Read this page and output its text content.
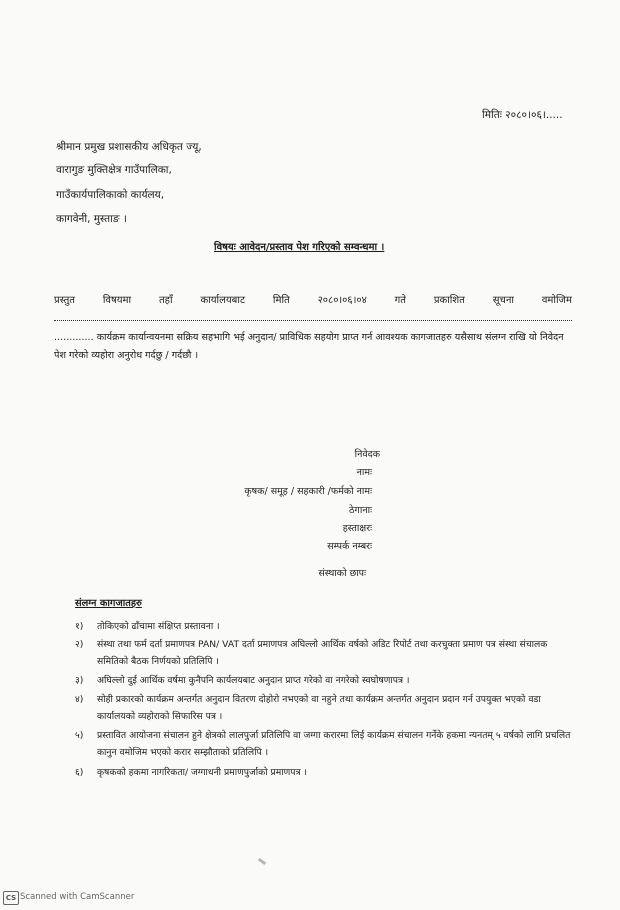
मितिः २०८०।०६।.....
श्रीमान प्रमुख प्रशासकीय अधिकृत ज्यू,
वारागुङ मुक्तिक्षेत्र गाउँपालिका,
गाउँकार्यपालिकाको कार्यलय,
कागवेनी, मुस्ताङ ।
विषयः आवेदन/प्रस्ताव पेश गरिएको सम्वन्धमा ।
प्रस्तुत	विषयमा	तहाँ	कार्यालयबाट	मिति	२०८०।०६।०४	गते	प्रकाशित	सूचना	वमोजिम
............. कार्यक्रम कार्यान्वयनमा सक्रिय सहभागि भई अनुदान/ प्राविधिक सहयोग प्राप्त गर्न आवश्यक कागजातहरु यसैसाथ संलग्न राखि यो निवेदन पेश गरेको व्यहोरा अनुरोध गर्दछु / गर्दछौ ।
निवेदक
नामः
कृषक/ समूह / सहकारी /फर्मको नामः
ठेगानाः
हस्ताक्षरः
सम्पर्क नम्बरः
संस्थाको छापः
संलग्न कागजातहरु
१)	तोकिएको ढाँचामा संक्षिप्त प्रस्तावना ।
२)	संस्था तथा फर्म दर्ता प्रमाणपत्र PAN/ VAT दर्ता प्रमाणपत्र अघिल्लो आर्थिक वर्षको अडिट रिपोर्ट तथा करचुक्ता प्रमाण पत्र संस्था संचालक समितिको बैठक निर्णयको प्रतिलिपि ।
३)	अघिल्लो दुई आर्थिक वर्षमा कुनैपनि कार्यलयबाट अनुदान प्राप्त गरेको वा नगरेको स्वघोषणापत्र ।
४)	सोही प्रकारको कार्यक्रम अन्तर्गत अनुदान वितरण दोहोरो नभएको वा नहुने तथा कार्यक्रम अन्तर्गत अनुदान प्रदान गर्न उपयुक्त भएको वडा कार्यालयको व्यहोराको सिफारिस पत्र ।
५)	प्रस्तावित आयोजना संचालन हुने क्षेत्रको लालपुर्जा प्रतिलिपि वा जग्गा करारमा लिई कार्यक्रम संचालन गर्नेके हकमा न्यनतम् ५ वर्षको लागि प्रचलित कानुन वमोजिम भएको करार सम्झौताको प्रतिलिपि ।
६)	कृषकको हकमा नागरिकता/ जग्गाधनी प्रमाणपुर्जाको प्रमाणपत्र ।
CS Scanned with CamScanner
